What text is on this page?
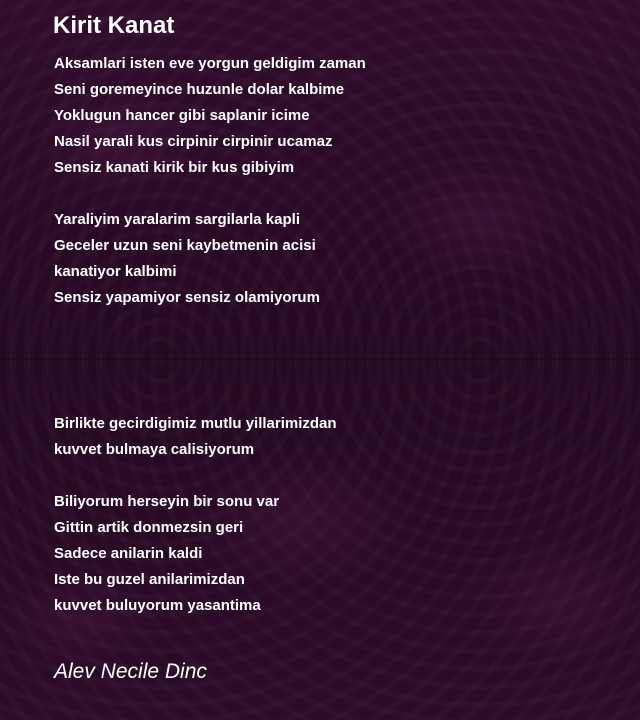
Kirit Kanat
Aksamlari isten eve yorgun geldigim zaman
Seni goremeyince huzunle dolar kalbime
Yoklugun hancer gibi saplanir icime
Nasil yarali kus cirpinir cirpinir ucamaz
Sensiz kanati kirik bir kus gibiyim
Yaraliyim yaralarim sargilarla kapli
Geceler uzun seni kaybetmenin acisi
kanatiyor kalbimi
Sensiz yapamiyor sensiz olamiyorum
Birlikte gecirdigimiz mutlu yillarimizdan
kuvvet bulmaya calisiyorum
Biliyorum herseyin bir sonu var
Gittin artik donmezsin geri
Sadece anilarin kaldi
Iste bu guzel anilarimizdan
kuvvet buluyorum yasantima

Alev Necile Dinc
